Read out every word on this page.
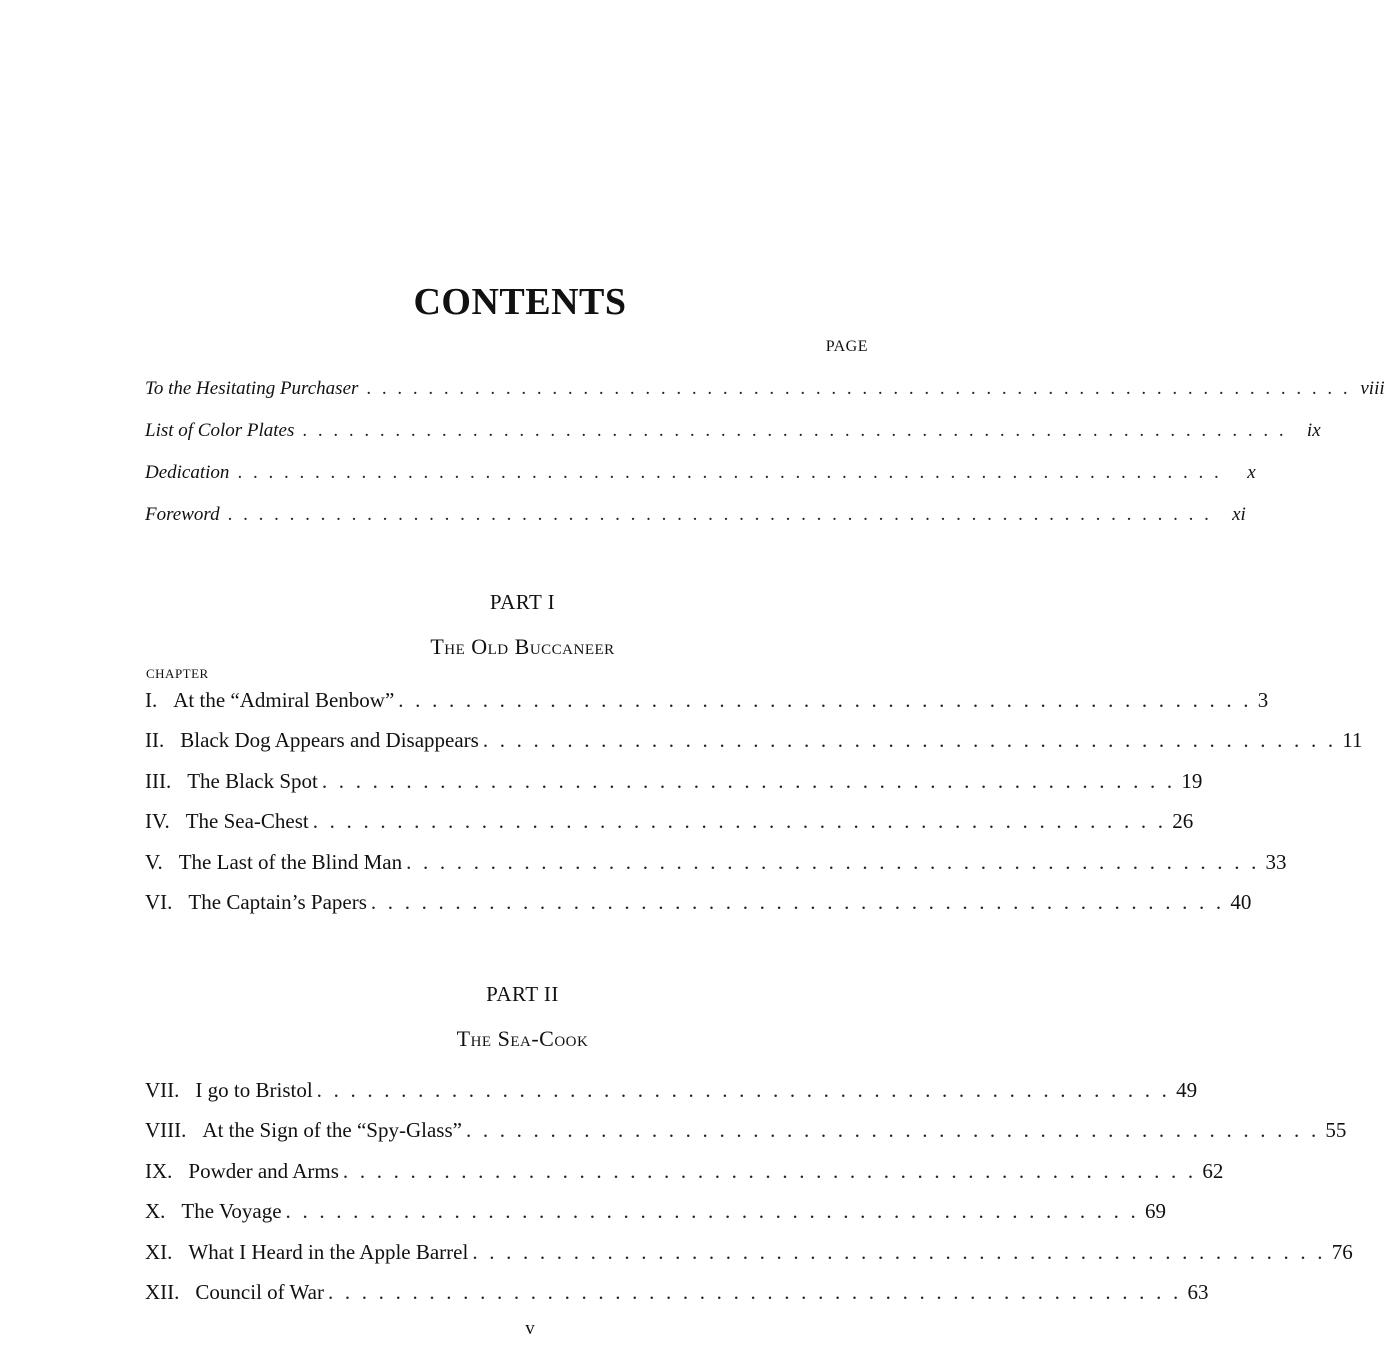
CONTENTS
PAGE
To the Hesitating Purchaser . . . . . . . . . . . . . . . . . . . . . . . . . . . . . . . . . . . . . . . . . . . . . . . . . . . . . . . . . . . . . . . . viii
List of Color Plates . . . . . . . . . . . . . . . . . . . . . . . . . . . . . . . . . . . . . . . . . . . . . . . . . . . . . . . . . . . . . . . .	ix
Dedication . . . . . . . . . . . . . . . . . . . . . . . . . . . . . . . . . . . . . . . . . . . . . . . . . . . . . . . . . . . . . . . .	x
Foreword . . . . . . . . . . . . . . . . . . . . . . . . . . . . . . . . . . . . . . . . . . . . . . . . . . . . . . . . . . . . . . . .	xi
PART I
The Old Buccaneer
CHAPTER
I. At the “Admiral Benbow” . . . . . . . . . . . . . . . . . . . . . . . . . . . . . . . . . . . . . . . . . . . . . . . . . . . 3
II. Black Dog Appears and Disappears . . . . . . . . . . . . . . . . . . . . . . . . . . . . . . . . . . . . . . . . . . . . . . . . . . . 11
III. The Black Spot . . . . . . . . . . . . . . . . . . . . . . . . . . . . . . . . . . . . . . . . . . . . . . . . . . . 19
IV. The Sea-Chest . . . . . . . . . . . . . . . . . . . . . . . . . . . . . . . . . . . . . . . . . . . . . . . . . . . 26
V. The Last of the Blind Man . . . . . . . . . . . . . . . . . . . . . . . . . . . . . . . . . . . . . . . . . . . . . . . . . . . 33
VI. The Captain’s Papers . . . . . . . . . . . . . . . . . . . . . . . . . . . . . . . . . . . . . . . . . . . . . . . . . . . 40
PART II
The Sea-Cook
VII. I go to Bristol . . . . . . . . . . . . . . . . . . . . . . . . . . . . . . . . . . . . . . . . . . . . . . . . . . . 49
VIII. At the Sign of the “Spy-Glass” . . . . . . . . . . . . . . . . . . . . . . . . . . . . . . . . . . . . . . . . . . . . . . . . . . . 55
IX. Powder and Arms . . . . . . . . . . . . . . . . . . . . . . . . . . . . . . . . . . . . . . . . . . . . . . . . . . . 62
X. The Voyage . . . . . . . . . . . . . . . . . . . . . . . . . . . . . . . . . . . . . . . . . . . . . . . . . . . 69
XI. What I Heard in the Apple Barrel . . . . . . . . . . . . . . . . . . . . . . . . . . . . . . . . . . . . . . . . . . . . . . . . . . . 76
XII. Council of War . . . . . . . . . . . . . . . . . . . . . . . . . . . . . . . . . . . . . . . . . . . . . . . . . . . 63
v
